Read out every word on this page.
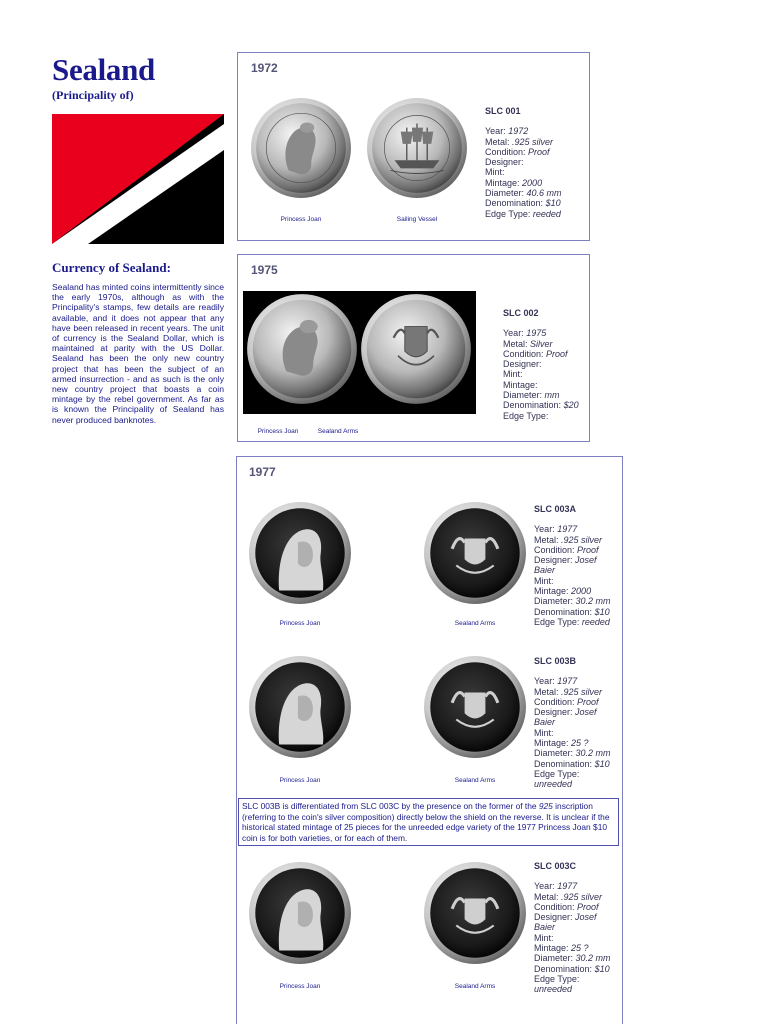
Sealand
(Principality of)
Currency of Sealand:
Sealand has minted coins intermittently since the early 1970s, although as with the Principality's stamps, few details are readily available, and it does not appear that any have been released in recent years. The unit of currency is the Sealand Dollar, which is maintained at parity with the US Dollar. Sealand has been the only new country project that has been the subject of an armed insurrection - and as such is the only new country project that boasts a coin mintage by the rebel government. As far as is known the Principality of Sealand has never produced banknotes.
1972
Princess Joan	Sailing Vessel
SLC 001
Year: 1972
Metal: .925 silver
Condition: Proof
Designer:
Mint:
Mintage: 2000
Diameter: 40.6 mm
Denomination: $10
Edge Type: reeded
1975
Princess Joan	Sealand Arms
SLC 002
Year: 1975
Metal: Silver
Condition: Proof
Designer:
Mint:
Mintage:
Diameter: mm
Denomination: $20
Edge Type:
1977
Princess Joan	Sealand Arms
SLC 003A
Year: 1977
Metal: .925 silver
Condition: Proof
Designer: Josef
Baier
Mint:
Mintage: 2000
Diameter: 30.2 mm
Denomination: $10
Edge Type: reeded
Princess Joan	Sealand Arms
SLC 003B
Year: 1977
Metal: .925 silver
Condition: Proof
Designer: Josef
Baier
Mint:
Mintage: 25 ?
Diameter: 30.2 mm
Denomination: $10
Edge Type:
unreeded
Princess Joan	Sealand Arms
SLC 003C
Year: 1977
Metal: .925 silver
Condition: Proof
Designer: Josef
Baier
Mint:
Mintage: 25 ?
Diameter: 30.2 mm
Denomination: $10
Edge Type:
unreeded
SLC 003B is differentiated from SLC 003C by the presence on the former of the 925 inscription (referring to the coin's silver composition) directly below the shield on the reverse. It is unclear if the historical stated mintage of 25 pieces for the unreeded edge variety of the 1977 Princess Joan $10 coin is for both varieties, or for each of them.
